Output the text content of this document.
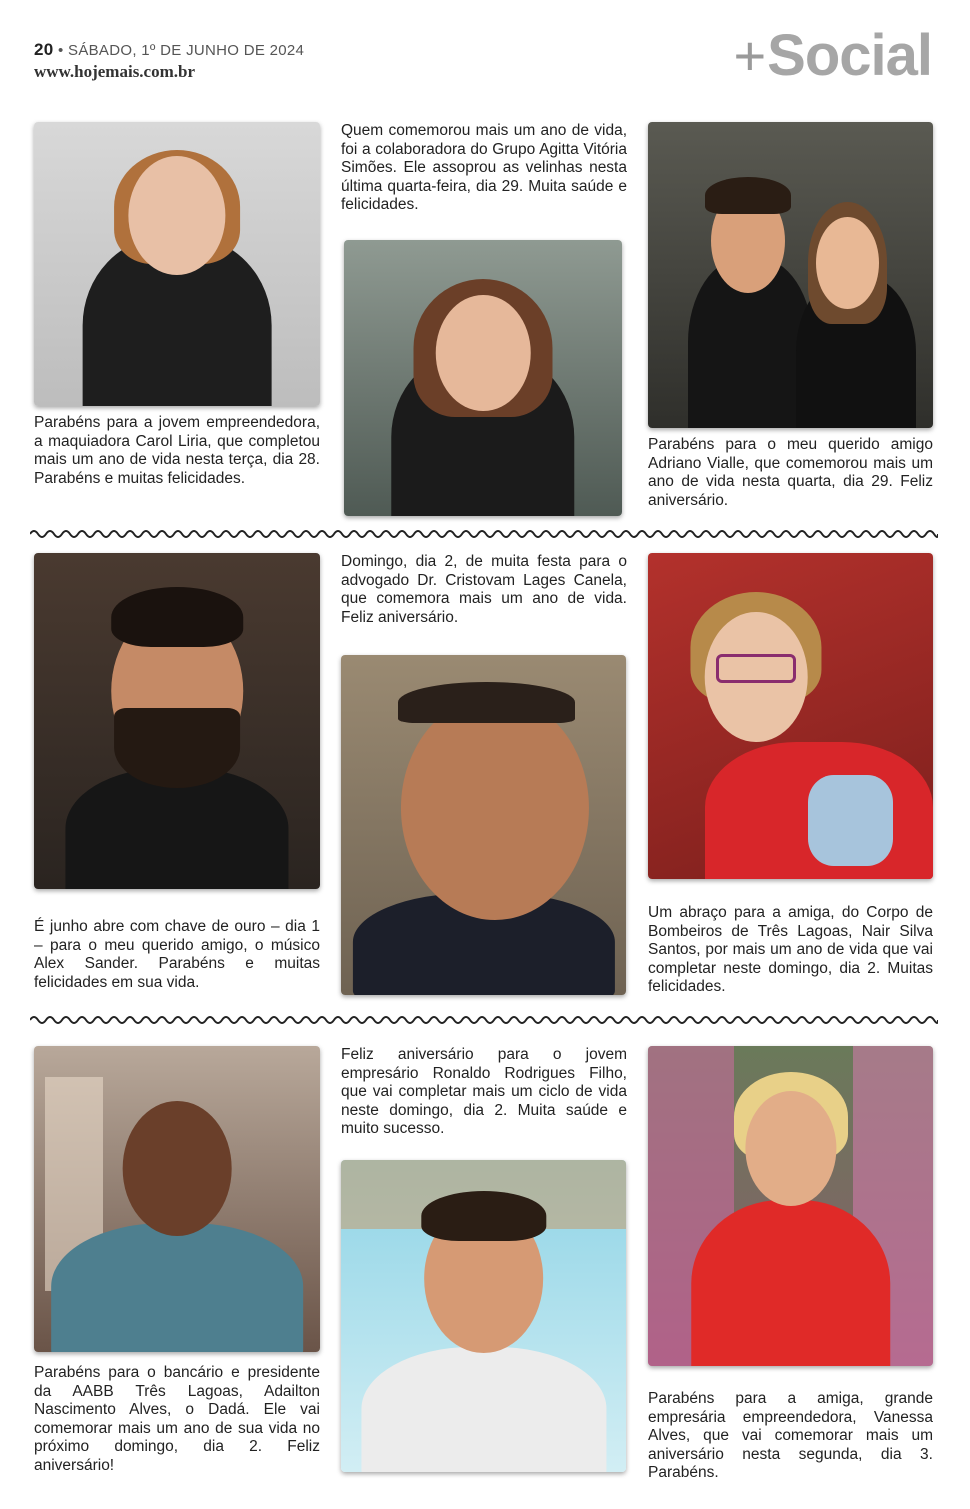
20 • SÁBADO, 1º DE JUNHO DE 2024
www.hojemais.com.br	+Social
Parabéns para a jovem empreendedora, a maquiadora Carol Liria, que completou mais um ano de vida nesta terça, dia 28. Parabéns e muitas felicidades.
Quem comemorou mais um ano de vida, foi a colaboradora do Grupo Agitta Vitória Simões. Ele assoprou as velinhas nesta última quarta-feira, dia 29. Muita saúde e felicidades.
Parabéns para o meu querido amigo Adriano Vialle, que comemorou mais um ano de vida nesta quarta, dia 29. Feliz aniversário.
É junho abre com chave de ouro – dia 1 – para o meu querido amigo, o músico Alex Sander. Parabéns e muitas felicidades em sua vida.
Domingo, dia 2, de muita festa para o advogado Dr. Cristovam Lages Canela, que comemora mais um ano de vida. Feliz aniversário.
Um abraço para a amiga, do Corpo de Bombeiros de Três Lagoas, Nair Silva Santos, por mais um ano de vida que vai completar neste domingo, dia 2. Muitas felicidades.
Parabéns para o bancário e presidente da AABB Três Lagoas, Adailton Nascimento Alves, o Dadá. Ele vai comemorar mais um ano de sua vida no próximo domingo, dia 2. Feliz aniversário!
Feliz aniversário para o jovem empresário Ronaldo Rodrigues Filho, que vai completar mais um ciclo de vida neste domingo, dia 2. Muita saúde e muito sucesso.
Parabéns para a amiga, grande empresária empreendedora, Vanessa Alves, que vai comemorar mais um aniversário nesta segunda, dia 3. Parabéns.
